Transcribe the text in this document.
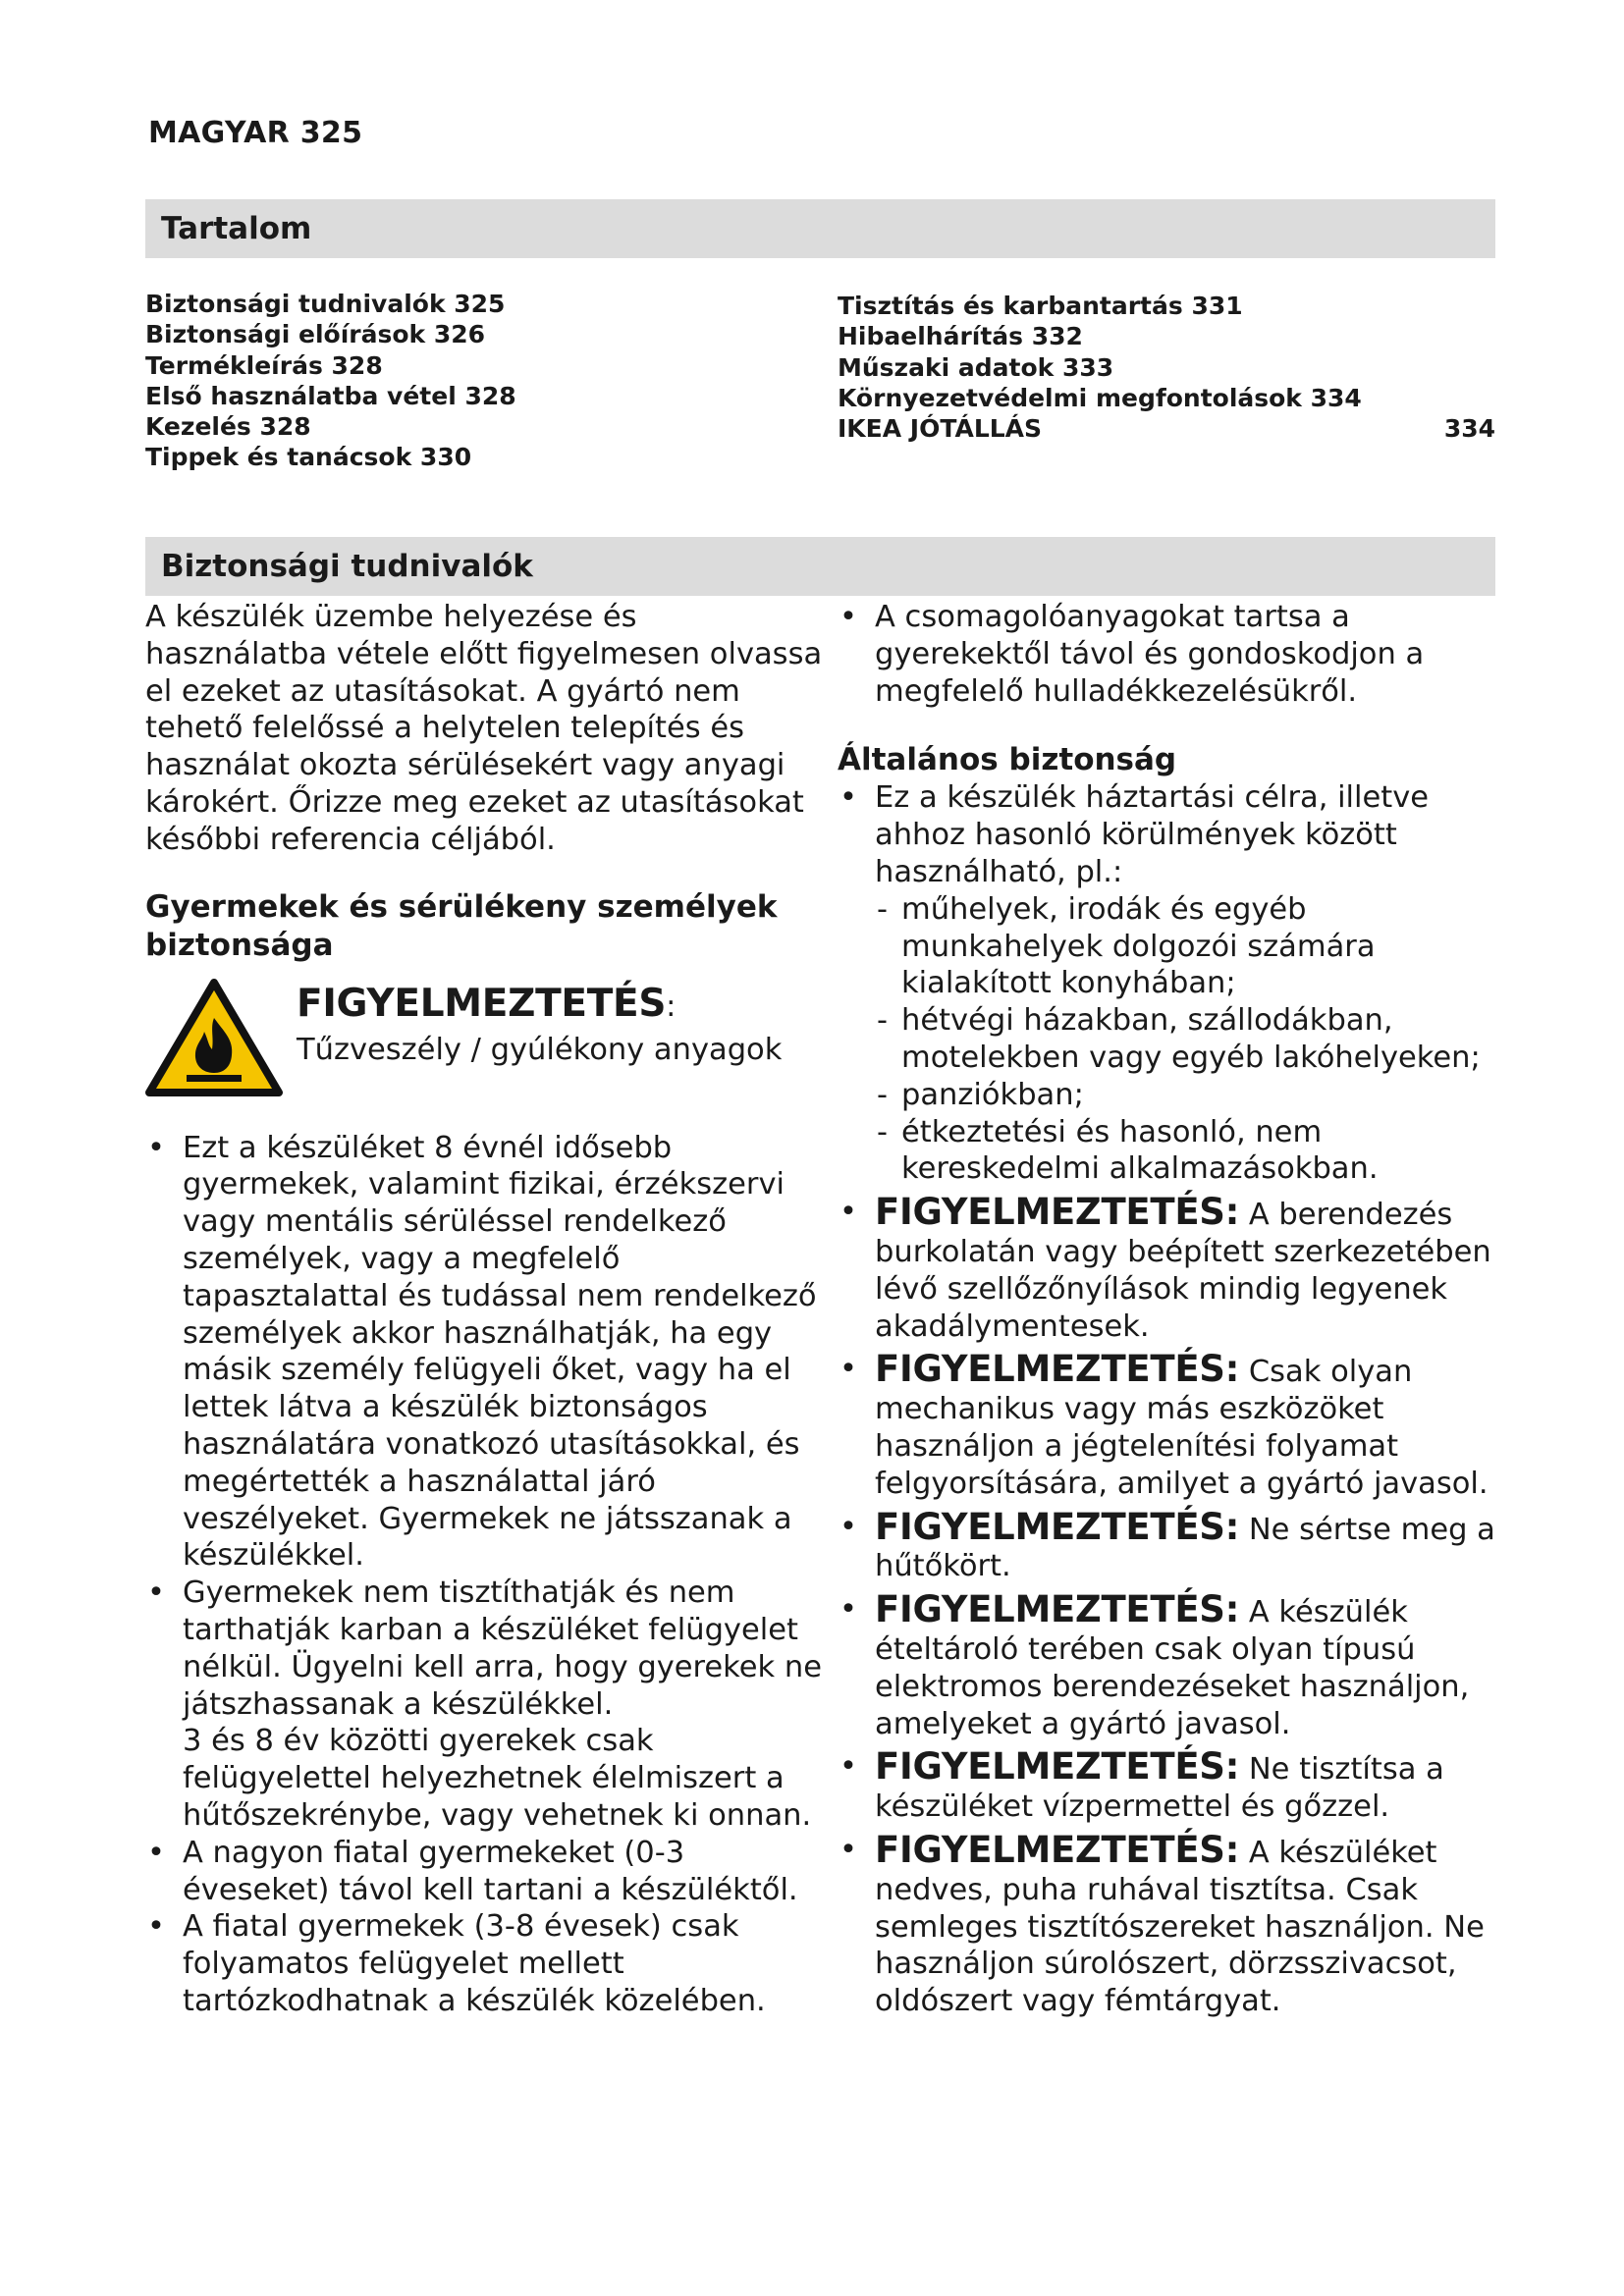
MAGYAR 325
Tartalom
Biztonsági tudnivalók 325
Biztonsági előírások 326
Termékleírás 328
Első használatba vétel 328
Kezelés 328
Tippek és tanácsok 330
Tisztítás és karbantartás 331
Hibaelhárítás 332
Műszaki adatok 333
Környezetvédelmi megfontolások 334
IKEA JÓTÁLLÁS	334
Biztonsági tudnivalók

A készülék üzembe helyezése és használatba vétele előtt figyelmesen olvassa el ezeket az utasításokat. A gyártó nem tehető felelőssé a helytelen telepítés és használat okozta sérülésekért vagy anyagi károkért. Őrizze meg ezeket az utasításokat későbbi referencia céljából.

Gyermekek és sérülékeny személyek biztonsága
FIGYELMEZTETÉS: Tűzveszély / gyúlékony anyagok
• Ezt a készüléket 8 évnél idősebb gyermekek, valamint fizikai, érzékszervi vagy mentális sérüléssel rendelkező személyek, vagy a megfelelő tapasztalattal és tudással nem rendelkező személyek akkor használhatják, ha egy másik személy felügyeli őket, vagy ha el lettek látva a készülék biztonságos használatára vonatkozó utasításokkal, és megértették a használattal járó veszélyeket. Gyermekek ne játsszanak a készülékkel.
• Gyermekek nem tisztíthatják és nem tarthatják karban a készüléket felügyelet nélkül. Ügyelni kell arra, hogy gyerekek ne játszhassanak a készülékkel.
3 és 8 év közötti gyerekek csak felügyelettel helyezhetnek élelmiszert a hűtőszekrénybe, vagy vehetnek ki onnan.
• A nagyon fiatal gyermekeket (0-3 éveseket) távol kell tartani a készüléktől.
• A fiatal gyermekek (3-8 évesek) csak folyamatos felügyelet mellett tartózkodhatnak a készülék közelében.
• A csomagolóanyagokat tartsa a gyerekektől távol és gondoskodjon a megfelelő hulladékkezelésükről.
Általános biztonság
• Ez a készülék háztartási célra, illetve ahhoz hasonló körülmények között használható, pl.:
- műhelyek, irodák és egyéb munkahelyek dolgozói számára kialakított konyhában;
- hétvégi házakban, szállodákban, motelekben vagy egyéb lakóhelyeken;
- panziókban;
- étkeztetési és hasonló, nem kereskedelmi alkalmazásokban.
• FIGYELMEZTETÉS: A berendezés burkolatán vagy beépített szerkezetében lévő szellőzőnyílások mindig legyenek akadálymentesek.
• FIGYELMEZTETÉS: Csak olyan mechanikus vagy más eszközöket használjon a jégtelenítési folyamat felgyorsítására, amilyet a gyártó javasol.
• FIGYELMEZTETÉS: Ne sértse meg a hűtőkört.
• FIGYELMEZTETÉS: A készülék ételtároló terében csak olyan típusú elektromos berendezéseket használjon, amelyeket a gyártó javasol.
• FIGYELMEZTETÉS: Ne tisztítsa a készüléket vízpermettel és gőzzel.
• FIGYELMEZTETÉS: A készüléket nedves, puha ruhával tisztítsa. Csak semleges tisztítószereket használjon. Ne használjon súrolószert, dörzsszivacsot, oldószert vagy fémtárgyat.
